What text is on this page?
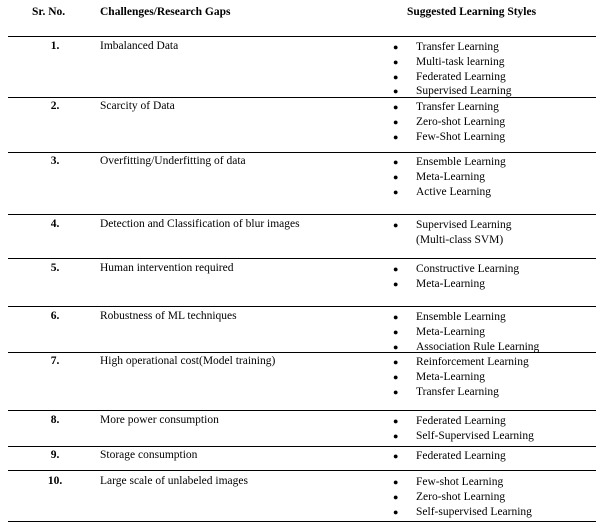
Sr. No.	Challenges/Research Gaps	Suggested Learning Styles
1.	Imbalanced Data	● Transfer Learning
● Multi-task learning
● Federated Learning
● Supervised Learning
2.	Scarcity of Data	● Transfer Learning
● Zero-shot Learning
● Few-Shot Learning
3.	Overfitting/Underfitting of data	● Ensemble Learning
● Meta-Learning
● Active Learning
4.	Detection and Classification of blur images	● Supervised Learning
(Multi-class SVM)
5.	Human intervention required	● Constructive Learning
● Meta-Learning
6.	Robustness of ML techniques	● Ensemble Learning
● Meta-Learning
● Association Rule Learning
7.	High operational cost(Model training)	● Reinforcement Learning
● Meta-Learning
● Transfer Learning
8.	More power consumption	● Federated Learning
● Self-Supervised Learning
9.	Storage consumption	● Federated Learning
10.	Large scale of unlabeled images	● Few-shot Learning
● Zero-shot Learning
● Self-supervised Learning
